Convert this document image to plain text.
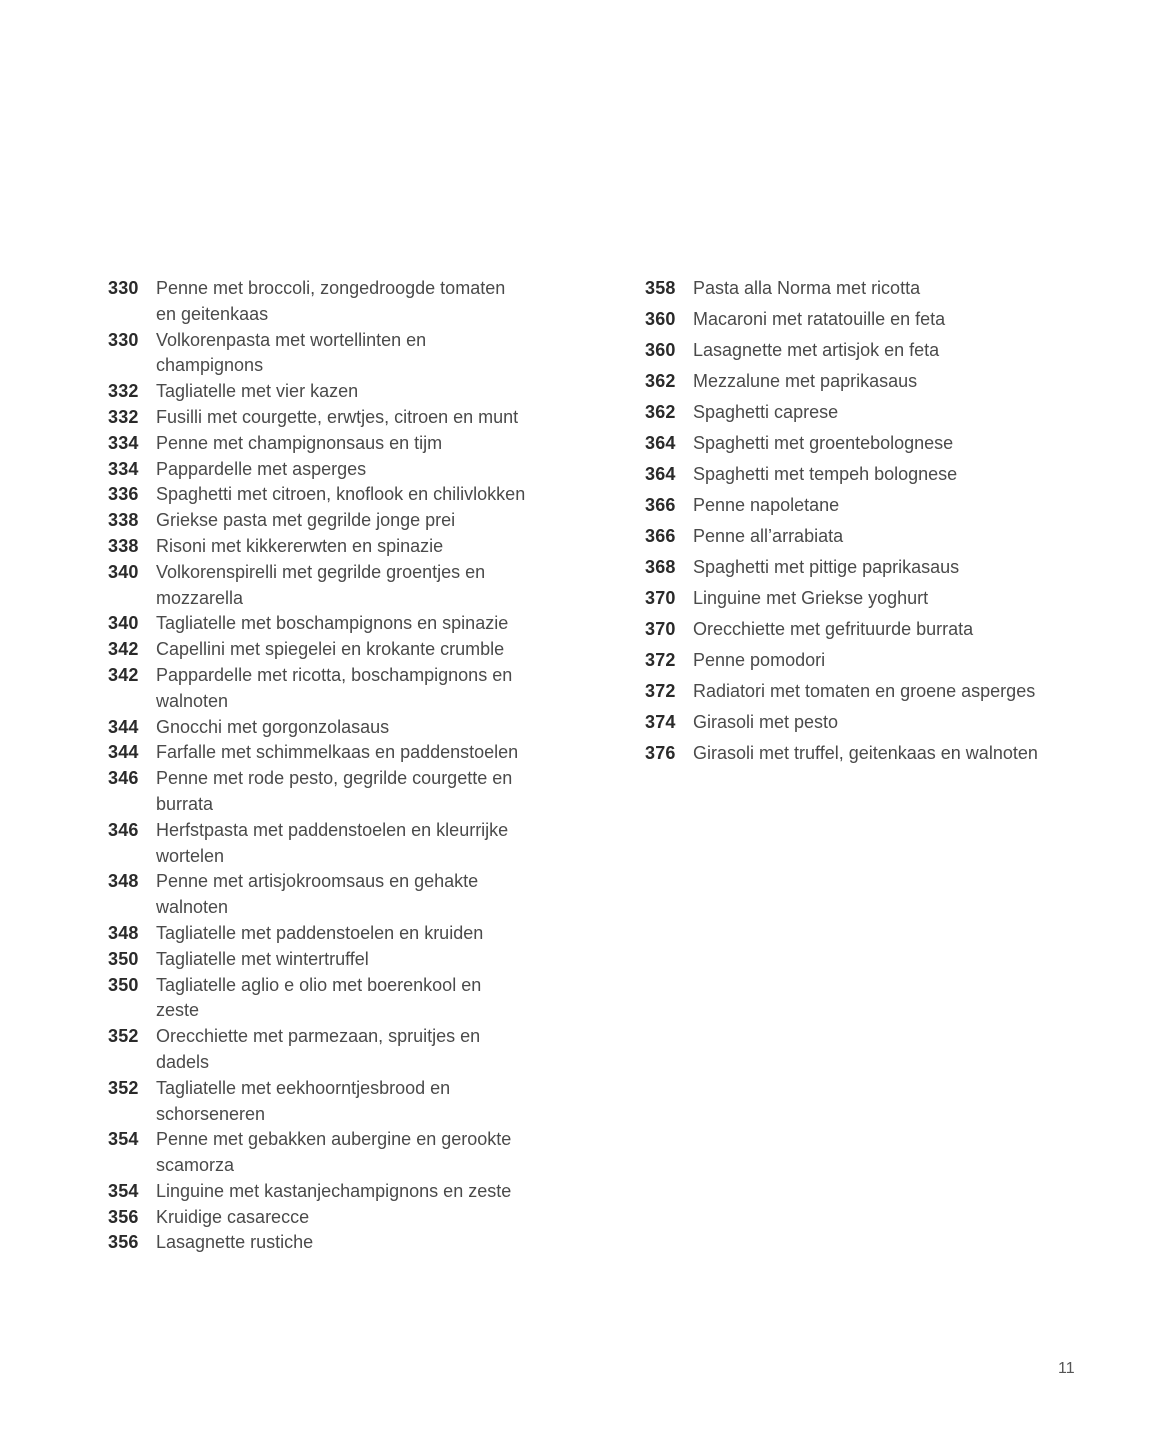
330 Penne met broccoli, zongedroogde tomaten en geitenkaas
330 Volkorenpasta met wortellinten en champignons
332 Tagliatelle met vier kazen
332 Fusilli met courgette, erwtjes, citroen en munt
334 Penne met champignonsaus en tijm
334 Pappardelle met asperges
336 Spaghetti met citroen, knoflook en chilivlokken
338 Griekse pasta met gegrilde jonge prei
338 Risoni met kikkererwten en spinazie
340 Volkorenspirelli met gegrilde groentjes en mozzarella
340 Tagliatelle met boschampignons en spinazie
342 Capellini met spiegelei en krokante crumble
342 Pappardelle met ricotta, boschampignons en walnoten
344 Gnocchi met gorgonzolasaus
344 Farfalle met schimmelkaas en paddenstoelen
346 Penne met rode pesto, gegrilde courgette en burrata
346 Herfstpasta met paddenstoelen en kleurrijke wortelen
348 Penne met artisjokroomsaus en gehakte walnoten
348 Tagliatelle met paddenstoelen en kruiden
350 Tagliatelle met wintertruffel
350 Tagliatelle aglio e olio met boerenkool en zeste
352 Orecchiette met parmezaan, spruitjes en dadels
352 Tagliatelle met eekhoorntjesbrood en schorseneren
354 Penne met gebakken aubergine en gerookte scamorza
354 Linguine met kastanjechampignons en zeste
356 Kruidige casarecce
356 Lasagnette rustiche
358 Pasta alla Norma met ricotta
360 Macaroni met ratatouille en feta
360 Lasagnette met artisjok en feta
362 Mezzalune met paprikasaus
362 Spaghetti caprese
364 Spaghetti met groentebolognese
364 Spaghetti met tempeh bolognese
366 Penne napoletane
366 Penne all’arrabiata
368 Spaghetti met pittige paprikasaus
370 Linguine met Griekse yoghurt
370 Orecchiette met gefrituurde burrata
372 Penne pomodori
372 Radiatori met tomaten en groene asperges
374 Girasoli met pesto
376 Girasoli met truffel, geitenkaas en walnoten
11
